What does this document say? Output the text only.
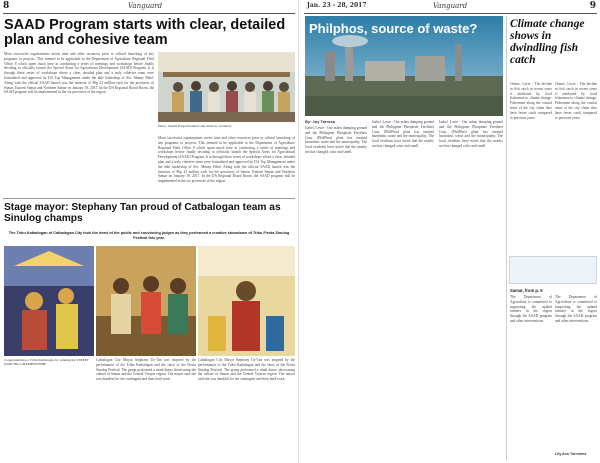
8	Vanguard
SAAD Program starts with clear, detailed plan and cohesive team
More successful organizations invest time and other resources prior to official launching of any programs or projects. This seemed to be applicable to the Department of Agriculture Regional Field Office 8 which spent much time in conducting a series of meetings and workshops before finally deciding to officially launch the Special Areas for Agricultural Development (SAAD) Program. It is through these series of workshops where a clear, detailed plan and a truly cohesive team were formulated and approved by DA Top Management under the able leadership of Sec. Manny Piñol. Along with the official SAAD launch was the turnover of Php 23 million each for the provinces of Samar, Eastern Samar and Northern Samar on January 19, 2017. In the DA Regional Board Room, the SAAD program will be implemented in the six provinces of the region.
Photo: SAAD Program launch and turnover ceremony
More successful organizations invest time and other resources prior to official launching of any programs or projects. This seemed to be applicable to the Department of Agriculture Regional Field Office 8 which spent much time in conducting a series of meetings and workshops before finally deciding to officially launch the Special Areas for Agricultural Development (SAAD) Program. It is through these series of workshops where a clear, detailed plan and a truly cohesive team were formulated and approved by DA Top Management under the able leadership of Sec. Manny Piñol. Along with the official SAAD launch was the turnover of Php 23 million each for the provinces of Samar, Eastern Samar and Northern Samar on January 19, 2017. In the DA Regional Board Room, the SAAD program will be implemented in the six provinces of the region.
Stage mayor: Stephany Tan proud of Catbalogan team as Sinulog champs
The Tribu Katbalogan of Catbalogan City took the heart of the public and convincing judges as they performed a creative showdown of Tribu Fiesta Sinulog Festival this year.
Congratulations to Tribu Katbalogan for winning the STREET DANCING CHAMPIONSHIP
Catbalogan City Mayor Stephany Uy-Tan was inspired by the performance of the Tribu Katbalogan and the show of the Fiesta Sinulog Festival. The group performed a ritual dance showcasing the culture of Samar and the Central Visayas region. The mayor said she was thankful for the contingent and their hard work.
Catbalogan City Mayor Stephany Uy-Tan was inspired by the performance of the Tribu Katbalogan and the show of the Fiesta Sinulog Festival. The group performed a ritual dance showcasing the culture of Samar and the Central Visayas region. The mayor said she was thankful for the contingent and their hard work.
Jan. 23 - 28, 2017	Vanguard	9
Philphos, source of waste?
By: Joy Tarrosa
Isabel, Leyte - Our ashen dumping ground and the Philippine Phosphate Fertilizer Corp. (PhilPhos) plant has emitted hazardous waste and the municipality. The local residents have noted that the nearby sea has changed color and smell.
Isabel, Leyte - Our ashen dumping ground and the Philippine Phosphate Fertilizer Corp. (PhilPhos) plant has emitted hazardous waste and the municipality. The local residents have noted that the nearby sea has changed color and smell.
Isabel, Leyte - Our ashen dumping ground and the Philippine Phosphate Fertilizer Corp. (PhilPhos) plant has emitted hazardous waste and the municipality. The local residents have noted that the nearby sea has changed color and smell.
Climate change shows in dwindling fish catch
Ormoc, Leyte - The decline in fish catch in recent years is attributed by local fishermen to climate change. Fishermen along the coastal areas of the city claim they have fewer catch compared to previous years.
Ormoc, Leyte - The decline in fish catch in recent years is attributed by local fishermen to climate change. Fishermen along the coastal areas of the city claim they have fewer catch compared to previous years.
Samar, from p. 5
The Department of Agriculture is committed to supporting the upland farmers in the region through the SAAD program and other interventions.
The Department of Agriculture is committed to supporting the upland farmers in the region through the SAAD program and other interventions.
Lily Ann Torrentes
